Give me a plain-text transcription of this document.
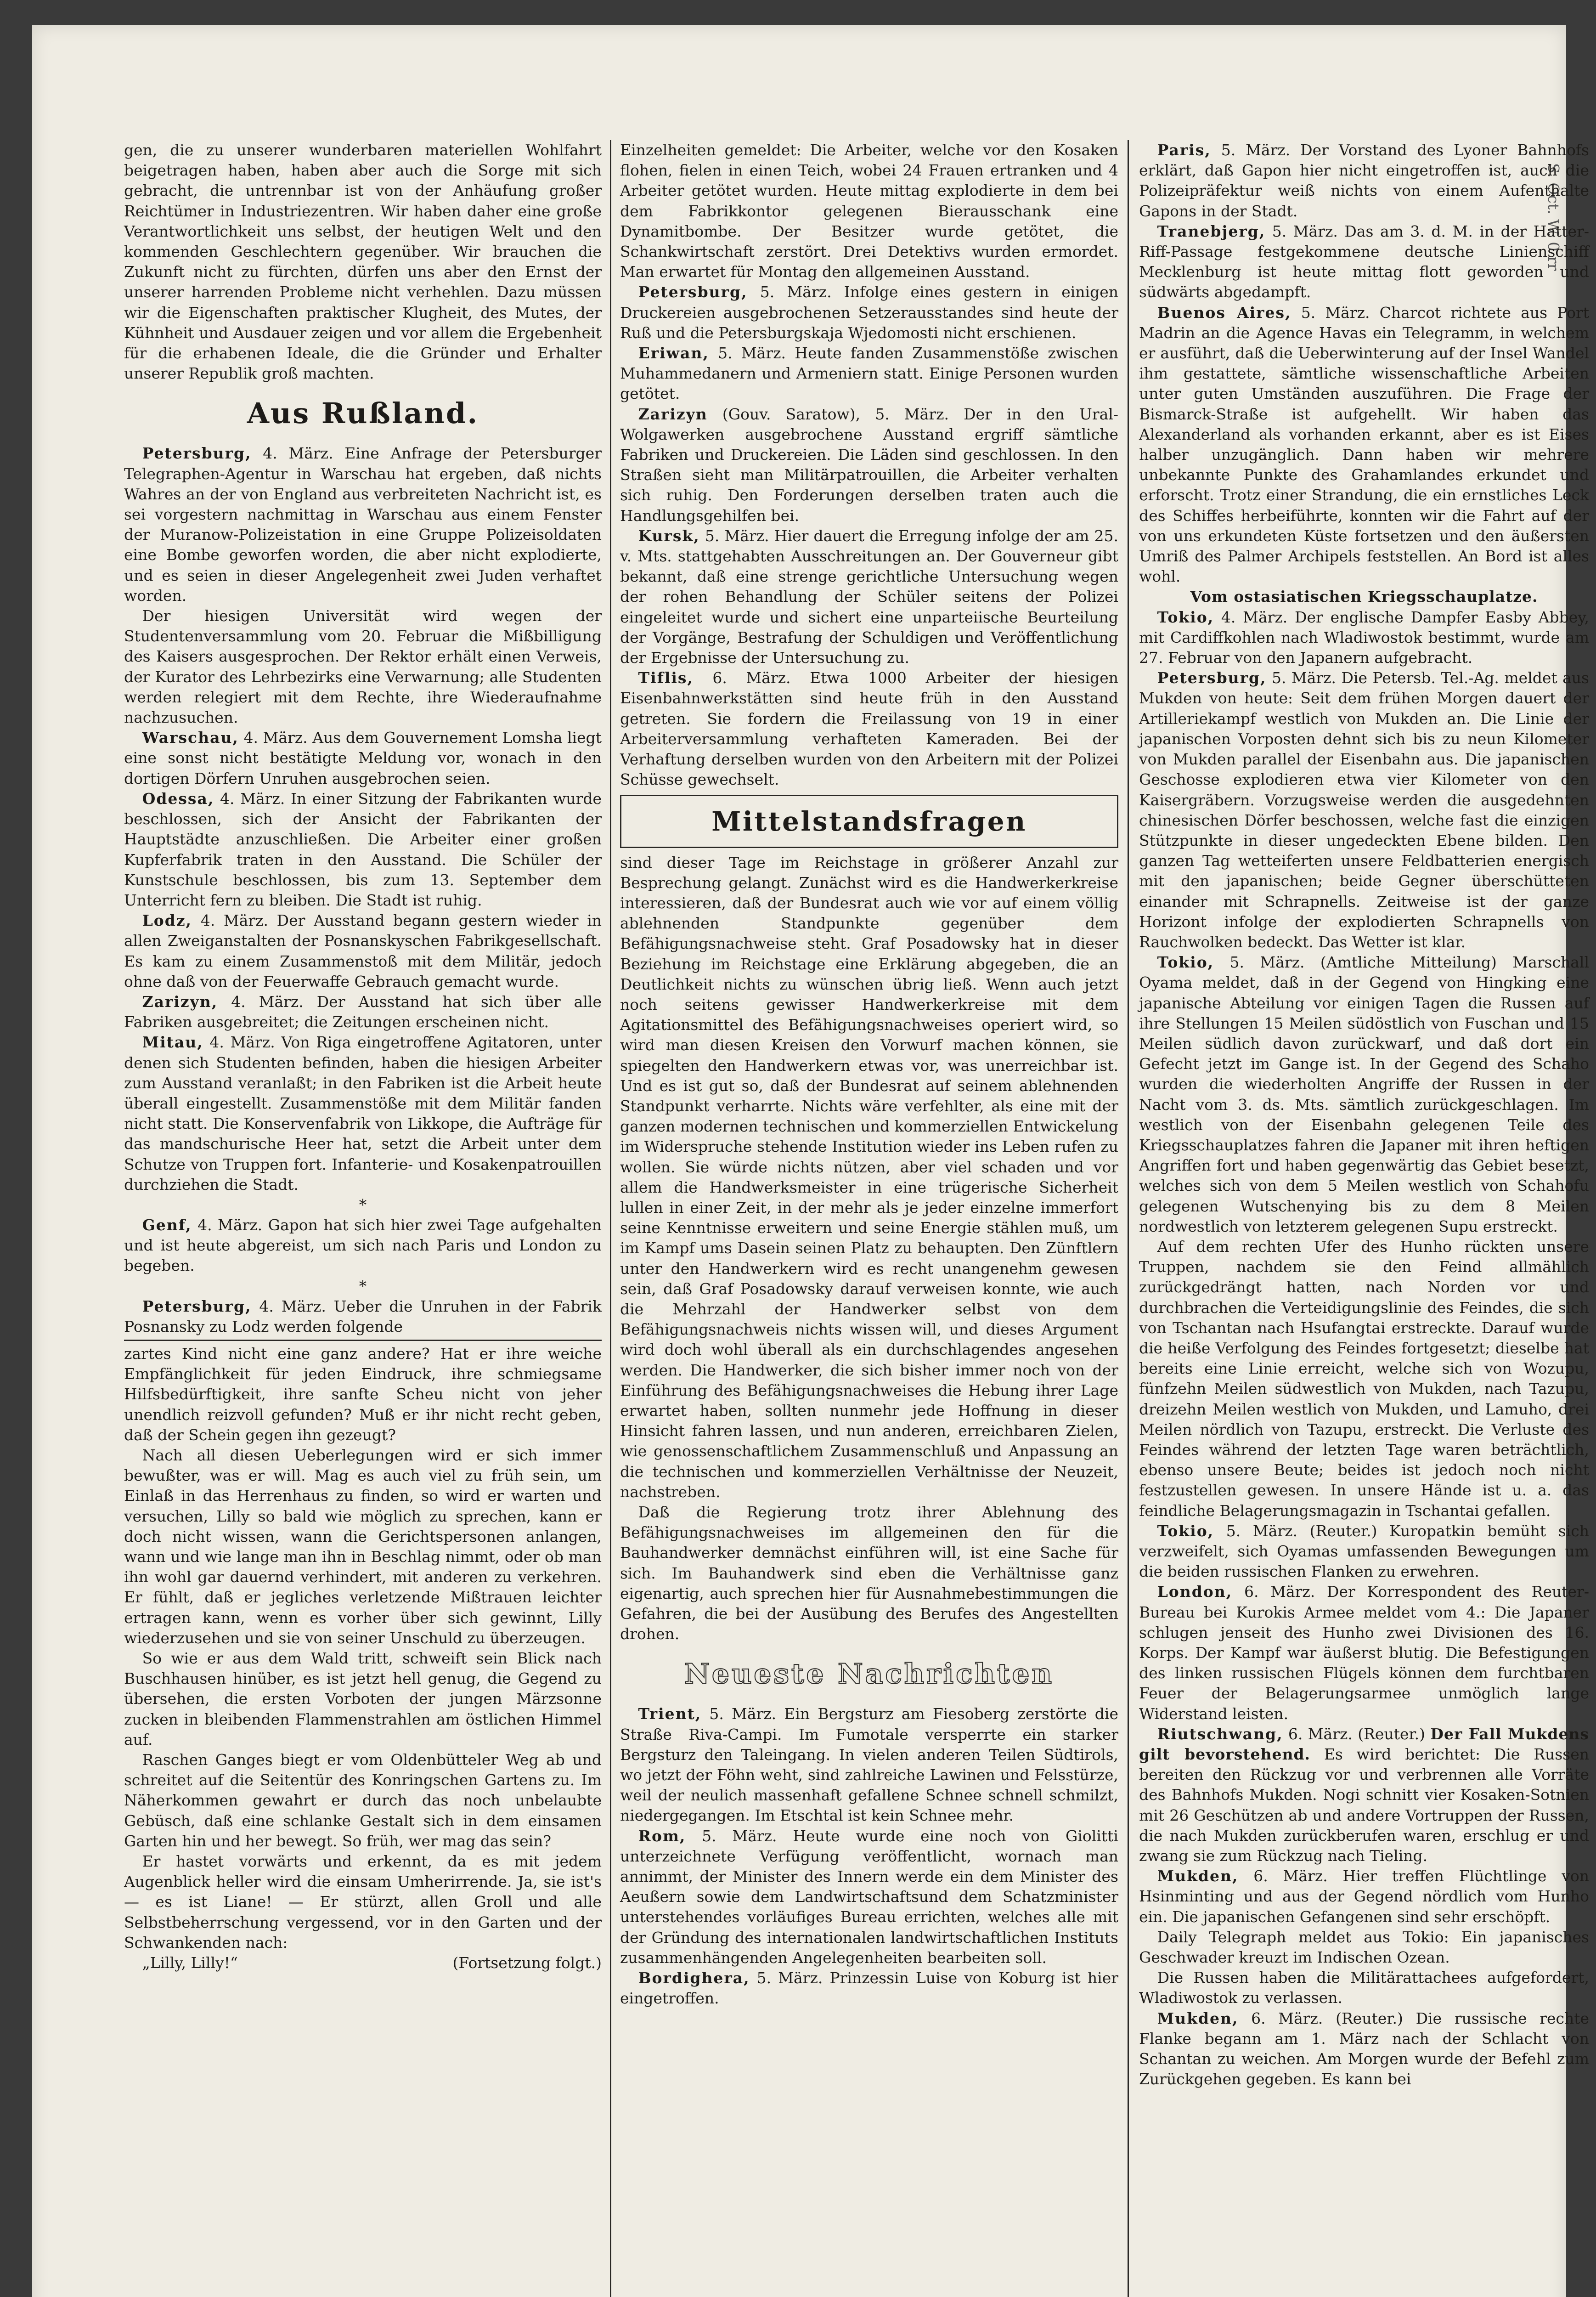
S. Oct. W. 0 rr

gen, die zu unserer wunderbaren materiellen Wohlfahrt beigetragen haben, haben aber auch die Sorge mit sich gebracht, die untrennbar ist von der Anhäufung großer Reichtümer in Industriezentren. Wir haben daher eine große Verantwortlichkeit uns selbst, der heutigen Welt und den kommenden Geschlechtern gegenüber. Wir brauchen die Zukunft nicht zu fürchten, dürfen uns aber den Ernst der unserer harrenden Probleme nicht verhehlen. Dazu müssen wir die Eigenschaften praktischer Klugheit, des Mutes, der Kühnheit und Ausdauer zeigen und vor allem die Ergebenheit für die erhabenen Ideale, die die Gründer und Erhalter unserer Republik groß machten.

Aus Rußland.

Petersburg, 4. März. Eine Anfrage der Petersburger Telegraphen-Agentur in Warschau hat ergeben, daß nichts Wahres an der von England aus verbreiteten Nachricht ist, es sei vorgestern nachmittag in Warschau aus einem Fenster der Muranow-Polizeistation in eine Gruppe Polizeisoldaten eine Bombe geworfen worden, die aber nicht explodierte, und es seien in dieser Angelegenheit zwei Juden verhaftet worden.

Der hiesigen Universität wird wegen der Studentenversammlung vom 20. Februar die Mißbilligung des Kaisers ausgesprochen. Der Rektor erhält einen Verweis, der Kurator des Lehrbezirks eine Verwarnung; alle Studenten werden relegiert mit dem Rechte, ihre Wiederaufnahme nachzusuchen.

Warschau, 4. März. Aus dem Gouvernement Lomsha liegt eine sonst nicht bestätigte Meldung vor, wonach in den dortigen Dörfern Unruhen ausgebrochen seien.

Odessa, 4. März. In einer Sitzung der Fabrikanten wurde beschlossen, sich der Ansicht der Fabrikanten der Hauptstädte anzuschließen. Die Arbeiter einer großen Kupferfabrik traten in den Ausstand. Die Schüler der Kunstschule beschlossen, bis zum 13. September dem Unterricht fern zu bleiben. Die Stadt ist ruhig.

Lodz, 4. März. Der Ausstand begann gestern wieder in allen Zweiganstalten der Posnanskyschen Fabrikgesellschaft. Es kam zu einem Zusammenstoß mit dem Militär, jedoch ohne daß von der Feuerwaffe Gebrauch gemacht wurde.

Zarizyn, 4. März. Der Ausstand hat sich über alle Fabriken ausgebreitet; die Zeitungen erscheinen nicht.

Mitau, 4. März. Von Riga eingetroffene Agitatoren, unter denen sich Studenten befinden, haben die hiesigen Arbeiter zum Ausstand veranlaßt; in den Fabriken ist die Arbeit heute überall eingestellt. Zusammenstöße mit dem Militär fanden nicht statt. Die Konservenfabrik von Likkope, die Aufträge für das mandschurische Heer hat, setzt die Arbeit unter dem Schutze von Truppen fort. Infanterie- und Kosakenpatrouillen durchziehen die Stadt.

*

Genf, 4. März. Gapon hat sich hier zwei Tage aufgehalten und ist heute abgereist, um sich nach Paris und London zu begeben.

*

Petersburg, 4. März. Ueber die Unruhen in der Fabrik Posnansky zu Lodz werden folgende

zartes Kind nicht eine ganz andere? Hat er ihre weiche Empfänglichkeit für jeden Eindruck, ihre schmiegsame Hilfsbedürftigkeit, ihre sanfte Scheu nicht von jeher unendlich reizvoll gefunden? Muß er ihr nicht recht geben, daß der Schein gegen ihn gezeugt?

Nach all diesen Ueberlegungen wird er sich immer bewußter, was er will. Mag es auch viel zu früh sein, um Einlaß in das Herrenhaus zu finden, so wird er warten und versuchen, Lilly so bald wie möglich zu sprechen, kann er doch nicht wissen, wann die Gerichtspersonen anlangen, wann und wie lange man ihn in Beschlag nimmt, oder ob man ihn wohl gar dauernd verhindert, mit anderen zu verkehren. Er fühlt, daß er jegliches verletzende Mißtrauen leichter ertragen kann, wenn es vorher über sich gewinnt, Lilly wiederzusehen und sie von seiner Unschuld zu überzeugen.

So wie er aus dem Wald tritt, schweift sein Blick nach Buschhausen hinüber, es ist jetzt hell genug, die Gegend zu übersehen, die ersten Vorboten der jungen Märzsonne zucken in bleibenden Flammenstrahlen am östlichen Himmel auf.

Raschen Ganges biegt er vom Oldenbütteler Weg ab und schreitet auf die Seitentür des Konringschen Gartens zu. Im Näherkommen gewahrt er durch das noch unbelaubte Gebüsch, daß eine schlanke Gestalt sich in dem einsamen Garten hin und her bewegt. So früh, wer mag das sein?

Er hastet vorwärts und erkennt, da es mit jedem Augenblick heller wird die einsam Umherirrende. Ja, sie ist's — es ist Liane! — Er stürzt, allen Groll und alle Selbstbeherrschung vergessend, vor in den Garten und der Schwankenden nach:

„Lilly, Lilly!“	(Fortsetzung folgt.)

Einzelheiten gemeldet: Die Arbeiter, welche vor den Kosaken flohen, fielen in einen Teich, wobei 24 Frauen ertranken und 4 Arbeiter getötet wurden. Heute mittag explodierte in dem bei dem Fabrikkontor gelegenen Bierausschank eine Dynamitbombe. Der Besitzer wurde getötet, die Schankwirtschaft zerstört. Drei Detektivs wurden ermordet. Man erwartet für Montag den allgemeinen Ausstand.

Petersburg, 5. März. Infolge eines gestern in einigen Druckereien ausgebrochenen Setzerausstandes sind heute der Ruß und die Petersburgskaja Wjedomosti nicht erschienen.

Eriwan, 5. März. Heute fanden Zusammenstöße zwischen Muhammedanern und Armeniern statt. Einige Personen wurden getötet.

Zarizyn (Gouv. Saratow), 5. März. Der in den Ural-Wolgawerken ausgebrochene Ausstand ergriff sämtliche Fabriken und Druckereien. Die Läden sind geschlossen. In den Straßen sieht man Militärpatrouillen, die Arbeiter verhalten sich ruhig. Den Forderungen derselben traten auch die Handlungsgehilfen bei.

Kursk, 5. März. Hier dauert die Erregung infolge der am 25. v. Mts. stattgehabten Ausschreitungen an. Der Gouverneur gibt bekannt, daß eine strenge gerichtliche Untersuchung wegen der rohen Behandlung der Schüler seitens der Polizei eingeleitet wurde und sichert eine unparteiische Beurteilung der Vorgänge, Bestrafung der Schuldigen und Veröffentlichung der Ergebnisse der Untersuchung zu.

Tiflis, 6. März. Etwa 1000 Arbeiter der hiesigen Eisenbahnwerkstätten sind heute früh in den Ausstand getreten. Sie fordern die Freilassung von 19 in einer Arbeiterversammlung verhafteten Kameraden. Bei der Verhaftung derselben wurden von den Arbeitern mit der Polizei Schüsse gewechselt.

Mittelstandsfragen

sind dieser Tage im Reichstage in größerer Anzahl zur Besprechung gelangt. Zunächst wird es die Handwerkerkreise interessieren, daß der Bundesrat auch wie vor auf einem völlig ablehnenden Standpunkte gegenüber dem Befähigungsnachweise steht. Graf Posadowsky hat in dieser Beziehung im Reichstage eine Erklärung abgegeben, die an Deutlichkeit nichts zu wünschen übrig ließ. Wenn auch jetzt noch seitens gewisser Handwerkerkreise mit dem Agitationsmittel des Befähigungsnachweises operiert wird, so wird man diesen Kreisen den Vorwurf machen können, sie spiegelten den Handwerkern etwas vor, was unerreichbar ist. Und es ist gut so, daß der Bundesrat auf seinem ablehnenden Standpunkt verharrte. Nichts wäre verfehlter, als eine mit der ganzen modernen technischen und kommerziellen Entwickelung im Widerspruche stehende Institution wieder ins Leben rufen zu wollen. Sie würde nichts nützen, aber viel schaden und vor allem die Handwerksmeister in eine trügerische Sicherheit lullen in einer Zeit, in der mehr als je jeder einzelne immerfort seine Kenntnisse erweitern und seine Energie stählen muß, um im Kampf ums Dasein seinen Platz zu behaupten. Den Zünftlern unter den Handwerkern wird es recht unangenehm gewesen sein, daß Graf Posadowsky darauf verweisen konnte, wie auch die Mehrzahl der Handwerker selbst von dem Befähigungsnachweis nichts wissen will, und dieses Argument wird doch wohl überall als ein durchschlagendes angesehen werden. Die Handwerker, die sich bisher immer noch von der Einführung des Befähigungsnachweises die Hebung ihrer Lage erwartet haben, sollten nunmehr jede Hoffnung in dieser Hinsicht fahren lassen, und nun anderen, erreichbaren Zielen, wie genossenschaftlichem Zusammenschluß und Anpassung an die technischen und kommerziellen Verhältnisse der Neuzeit, nachstreben.

Daß die Regierung trotz ihrer Ablehnung des Befähigungsnachweises im allgemeinen den für die Bauhandwerker demnächst einführen will, ist eine Sache für sich. Im Bauhandwerk sind eben die Verhältnisse ganz eigenartig, auch sprechen hier für Ausnahmebestimmungen die Gefahren, die bei der Ausübung des Berufes des Angestellten drohen.

Neueste Nachrichten

Trient, 5. März. Ein Bergsturz am Fiesoberg zerstörte die Straße Riva-Campi. Im Fumotale versperrte ein starker Bergsturz den Taleingang. In vielen anderen Teilen Südtirols, wo jetzt der Föhn weht, sind zahlreiche Lawinen und Felsstürze, weil der neulich massenhaft gefallene Schnee schnell schmilzt, niedergegangen. Im Etschtal ist kein Schnee mehr.

Rom, 5. März. Heute wurde eine noch von Giolitti unterzeichnete Verfügung veröffentlicht, wornach man annimmt, der Minister des Innern werde ein dem Minister des Aeußern sowie dem Landwirtschaftsund dem Schatzminister unterstehendes vorläufiges Bureau errichten, welches alle mit der Gründung des internationalen landwirtschaftlichen Instituts zusammenhängenden Angelegenheiten bearbeiten soll.

Bordighera, 5. März. Prinzessin Luise von Koburg ist hier eingetroffen.

Paris, 5. März. Der Vorstand des Lyoner Bahnhofs erklärt, daß Gapon hier nicht eingetroffen ist, auch die Polizeipräfektur weiß nichts von einem Aufenthalte Gapons in der Stadt.

Tranebjerg, 5. März. Das am 3. d. M. in der Hatter-Riff-Passage festgekommene deutsche Linienschiff Mecklenburg ist heute mittag flott geworden und südwärts abgedampft.

Buenos Aires, 5. März. Charcot richtete aus Port Madrin an die Agence Havas ein Telegramm, in welchem er ausführt, daß die Ueberwinterung auf der Insel Wandel ihm gestattete, sämtliche wissenschaftliche Arbeiten unter guten Umständen auszuführen. Die Frage der Bismarck-Straße ist aufgehellt. Wir haben das Alexanderland als vorhanden erkannt, aber es ist Eises halber unzugänglich. Dann haben wir mehrere unbekannte Punkte des Grahamlandes erkundet und erforscht. Trotz einer Strandung, die ein ernstliches Leck des Schiffes herbeiführte, konnten wir die Fahrt auf der von uns erkundeten Küste fortsetzen und den äußersten Umriß des Palmer Archipels feststellen. An Bord ist alles wohl.

Vom ostasiatischen Kriegsschauplatze.

Tokio, 4. März. Der englische Dampfer Easby Abbey, mit Cardiffkohlen nach Wladiwostok bestimmt, wurde am 27. Februar von den Japanern aufgebracht.

Petersburg, 5. März. Die Petersb. Tel.-Ag. meldet aus Mukden von heute: Seit dem frühen Morgen dauert der Artilleriekampf westlich von Mukden an. Die Linie der japanischen Vorposten dehnt sich bis zu neun Kilometer von Mukden parallel der Eisenbahn aus. Die japanischen Geschosse explodieren etwa vier Kilometer von den Kaisergräbern. Vorzugsweise werden die ausgedehnten chinesischen Dörfer beschossen, welche fast die einzigen Stützpunkte in dieser ungedeckten Ebene bilden. Den ganzen Tag wetteiferten unsere Feldbatterien energisch mit den japanischen; beide Gegner überschütteten einander mit Schrapnells. Zeitweise ist der ganze Horizont infolge der explodierten Schrapnells von Rauchwolken bedeckt. Das Wetter ist klar.

Tokio, 5. März. (Amtliche Mitteilung) Marschall Oyama meldet, daß in der Gegend von Hingking eine japanische Abteilung vor einigen Tagen die Russen auf ihre Stellungen 15 Meilen südöstlich von Fuschan und 15 Meilen südlich davon zurückwarf, und daß dort ein Gefecht jetzt im Gange ist. In der Gegend des Schaho wurden die wiederholten Angriffe der Russen in der Nacht vom 3. ds. Mts. sämtlich zurückgeschlagen. Im westlich von der Eisenbahn gelegenen Teile des Kriegsschauplatzes fahren die Japaner mit ihren heftigen Angriffen fort und haben gegenwärtig das Gebiet besetzt, welches sich von dem 5 Meilen westlich von Schahofu gelegenen Wutschenying bis zu dem 8 Meilen nordwestlich von letzterem gelegenen Supu erstreckt.

Auf dem rechten Ufer des Hunho rückten unsere Truppen, nachdem sie den Feind allmählich zurückgedrängt hatten, nach Norden vor und durchbrachen die Verteidigungslinie des Feindes, die sich von Tschantan nach Hsufangtai erstreckte. Darauf wurde die heiße Verfolgung des Feindes fortgesetzt; dieselbe hat bereits eine Linie erreicht, welche sich von Wozupu, fünfzehn Meilen südwestlich von Mukden, nach Tazupu, dreizehn Meilen westlich von Mukden, und Lamuho, drei Meilen nördlich von Tazupu, erstreckt. Die Verluste des Feindes während der letzten Tage waren beträchtlich, ebenso unsere Beute; beides ist jedoch noch nicht festzustellen gewesen. In unsere Hände ist u. a. das feindliche Belagerungsmagazin in Tschantai gefallen.

Tokio, 5. März. (Reuter.) Kuropatkin bemüht sich verzweifelt, sich Oyamas umfassenden Bewegungen um die beiden russischen Flanken zu erwehren.

London, 6. März. Der Korrespondent des Reuter-Bureau bei Kurokis Armee meldet vom 4.: Die Japaner schlugen jenseit des Hunho zwei Divisionen des 16. Korps. Der Kampf war äußerst blutig. Die Befestigungen des linken russischen Flügels können dem furchtbaren Feuer der Belagerungsarmee unmöglich lange Widerstand leisten.

Riutschwang, 6. März. (Reuter.) Der Fall Mukdens gilt bevorstehend. Es wird berichtet: Die Russen bereiten den Rückzug vor und verbrennen alle Vorräte des Bahnhofs Mukden. Nogi schnitt vier Kosaken-Sotnien mit 26 Geschützen ab und andere Vortruppen der Russen, die nach Mukden zurückberufen waren, erschlug er und zwang sie zum Rückzug nach Tieling.

Mukden, 6. März. Hier treffen Flüchtlinge von Hsinminting und aus der Gegend nördlich vom Hunho ein. Die japanischen Gefangenen sind sehr erschöpft.

Daily Telegraph meldet aus Tokio: Ein japanisches Geschwader kreuzt im Indischen Ozean.

Die Russen haben die Militärattachees aufgefordert, Wladiwostok zu verlassen.

Mukden, 6. März. (Reuter.) Die russische rechte Flanke begann am 1. März nach der Schlacht von Schantan zu weichen. Am Morgen wurde der Befehl zum Zurückgehen gegeben. Es kann bei
